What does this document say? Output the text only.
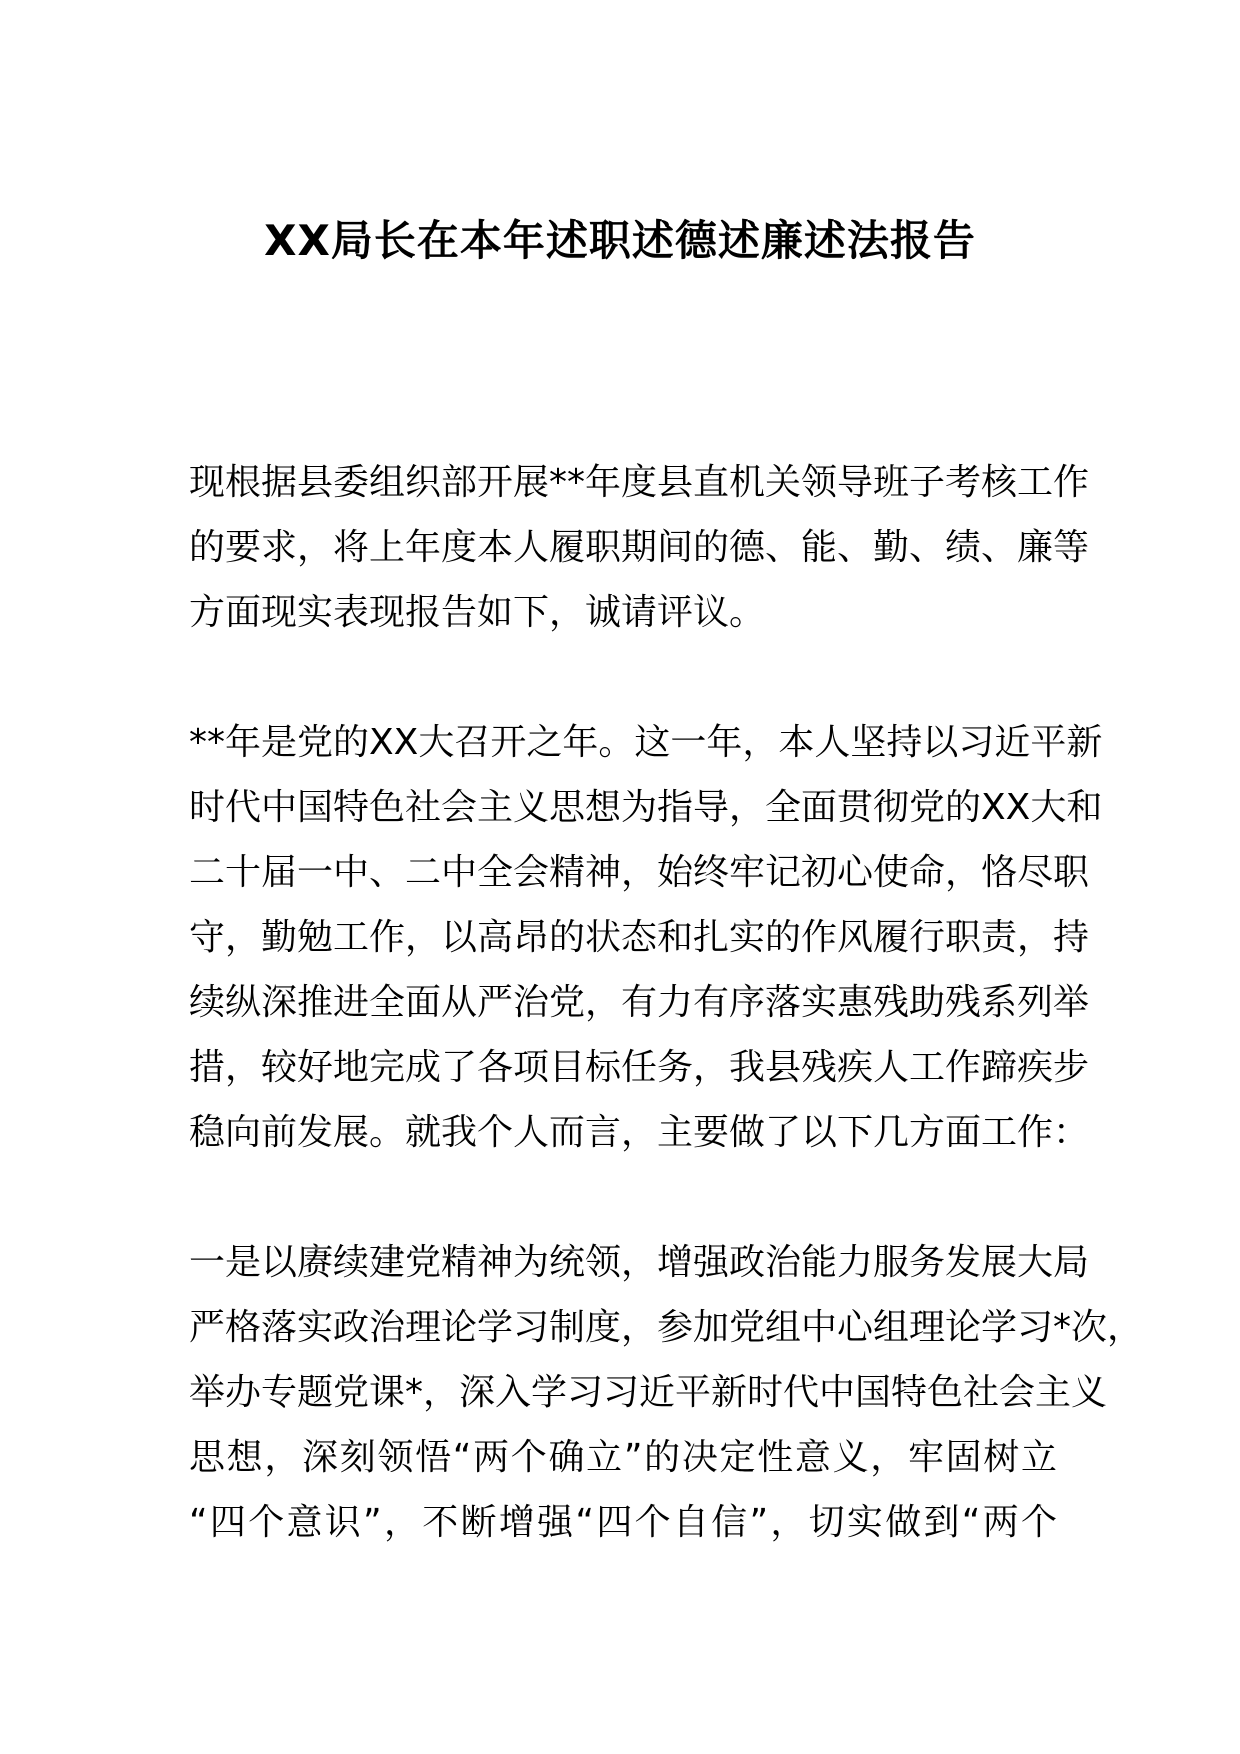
XX局长在本年述职述德述廉述法报告
现根据县委组织部开展**年度县直机关领导班子考核工作
的要求，将上年度本人履职期间的德、能、勤、绩、廉等
方面现实表现报告如下，诚请评议。
**年是党的XX大召开之年。这一年，本人坚持以习近平新
时代中国特色社会主义思想为指导，全面贯彻党的XX大和
二十届一中、二中全会精神，始终牢记初心使命，恪尽职
守，勤勉工作，以高昂的状态和扎实的作风履行职责，持
续纵深推进全面从严治党，有力有序落实惠残助残系列举
措，较好地完成了各项目标任务，我县残疾人工作蹄疾步
稳向前发展。就我个人而言，主要做了以下几方面工作：
一是以赓续建党精神为统领，增强政治能力服务发展大局
严格落实政治理论学习制度，参加党组中心组理论学习*次，
举办专题党课*，深入学习习近平新时代中国特色社会主义
思想，深刻领悟“两个确立”的决定性意义，牢固树立
“四个意识”，不断增强“四个自信”，切实做到“两个
